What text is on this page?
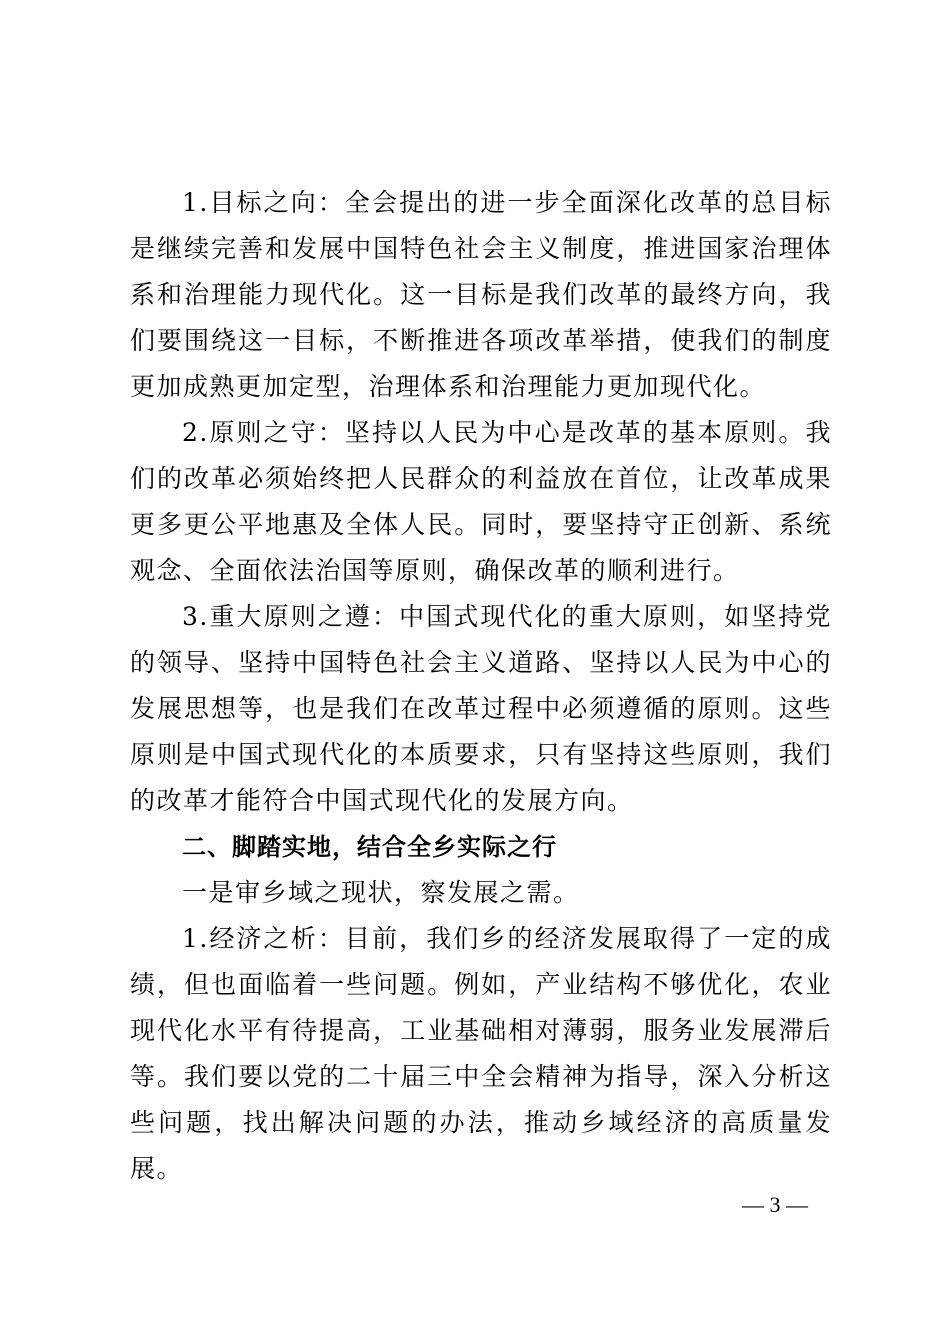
1.目标之向：全会提出的进一步全面深化改革的总目标是继续完善和发展中国特色社会主义制度，推进国家治理体系和治理能力现代化。这一目标是我们改革的最终方向，我们要围绕这一目标，不断推进各项改革举措，使我们的制度更加成熟更加定型，治理体系和治理能力更加现代化。

2.原则之守：坚持以人民为中心是改革的基本原则。我们的改革必须始终把人民群众的利益放在首位，让改革成果更多更公平地惠及全体人民。同时，要坚持守正创新、系统观念、全面依法治国等原则，确保改革的顺利进行。

3.重大原则之遵：中国式现代化的重大原则，如坚持党的领导、坚持中国特色社会主义道路、坚持以人民为中心的发展思想等，也是我们在改革过程中必须遵循的原则。这些原则是中国式现代化的本质要求，只有坚持这些原则，我们的改革才能符合中国式现代化的发展方向。

二、脚踏实地，结合全乡实际之行

一是审乡域之现状，察发展之需。

1.经济之析：目前，我们乡的经济发展取得了一定的成绩，但也面临着一些问题。例如，产业结构不够优化，农业现代化水平有待提高，工业基础相对薄弱，服务业发展滞后等。我们要以党的二十届三中全会精神为指导，深入分析这些问题，找出解决问题的办法，推动乡域经济的高质量发展。

— 3 —
